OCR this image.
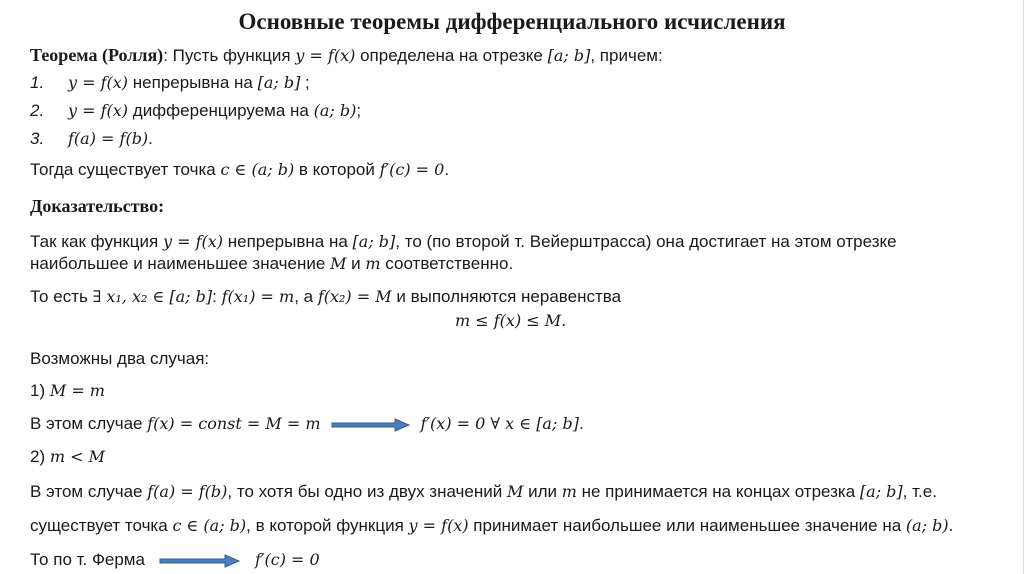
Основные теоремы дифференциального исчисления
Теорема (Ролля): Пусть функция y = f(x) определена на отрезке [a; b], причем:
1. y = f(x) непрерывна на [a; b] ;
2. y = f(x) дифференцируема на (a; b);
3. f(a) = f(b).
Тогда существует точка c ∈ (a; b) в которой f′(c) = 0.
Доказательство:
Так как функция y = f(x) непрерывна на [a; b], то (по второй т. Вейерштрасса) она достигает на этом отрезке
наибольшее и наименьшее значение M и m соответственно.
То есть ∃ x₁, x₂ ∈ [a; b]: f(x₁) = m, а f(x₂) = M и выполняются неравенства
m ≤ f(x) ≤ M.
Возможны два случая:
1) M = m
В этом случае f(x) = const = M = m	f′(x) = 0 ∀ x ∈ [a; b].
2) m < M
В этом случае f(a) = f(b), то хотя бы одно из двух значений M или m не принимается на концах отрезка [a; b], т.е.
существует точка c ∈ (a; b), в которой функция y = f(x) принимает наибольшее или наименьшее значение на (a; b).
То по т. Ферма	f′(c) = 0
